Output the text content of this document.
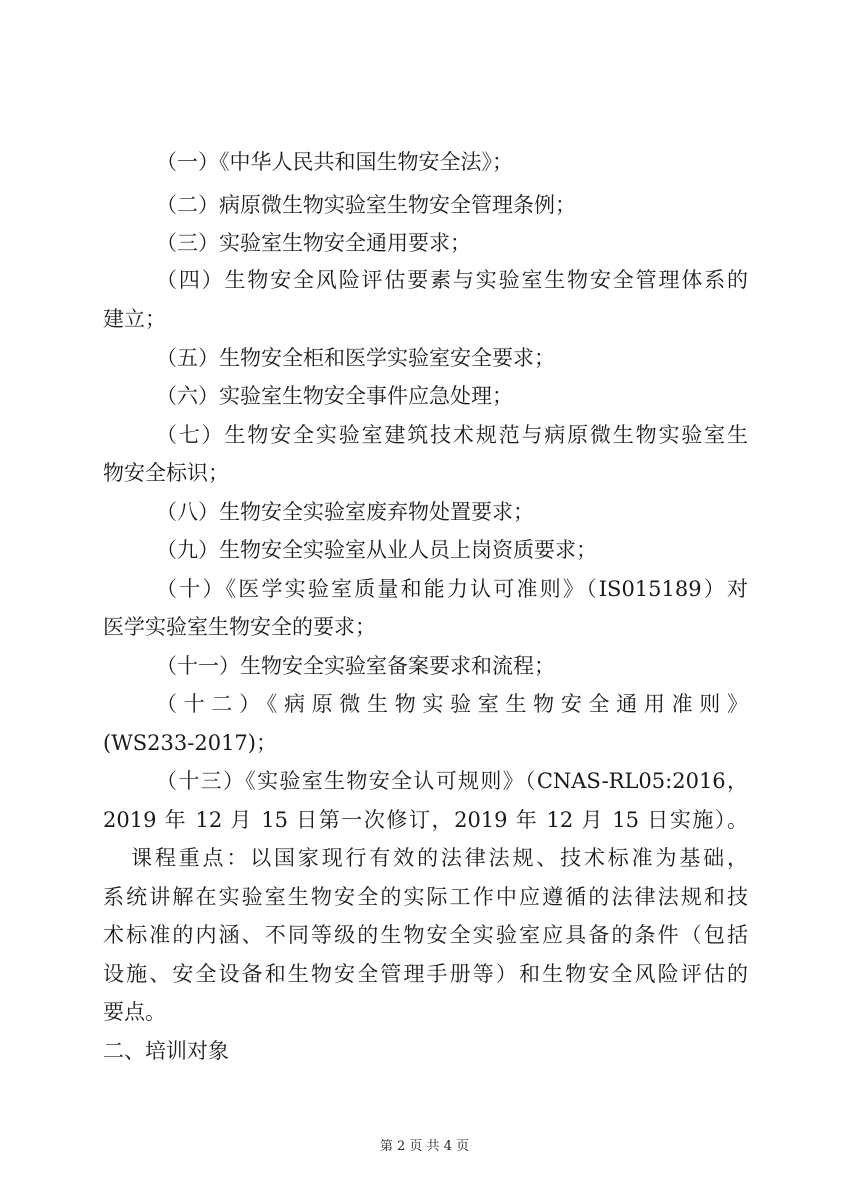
（一）《中华人民共和国生物安全法》；

（二）病原微生物实验室生物安全管理条例；

（三）实验室生物安全通用要求；

（四）生物安全风险评估要素与实验室生物安全管理体系的

建立；

（五）生物安全柜和医学实验室安全要求；

（六）实验室生物安全事件应急处理；

（七）生物安全实验室建筑技术规范与病原微生物实验室生

物安全标识；

（八）生物安全实验室废弃物处置要求；

（九）生物安全实验室从业人员上岗资质要求；

（十）《医学实验室质量和能力认可准则》（IS015189）对

医学实验室生物安全的要求；

（十一）生物安全实验室备案要求和流程；

（十二）《病原微生物实验室生物安全通用准则》

(WS233-2017)；

（十三）《实验室生物安全认可规则》（CNAS-RL05:2016，

2019 年 12 月 15 日第一次修订，2019 年 12 月 15 日实施）。

课程重点：以国家现行有效的法律法规、技术标准为基础，

系统讲解在实验室生物安全的实际工作中应遵循的法律法规和技

术标准的内涵、不同等级的生物安全实验室应具备的条件（包括

设施、安全设备和生物安全管理手册等）和生物安全风险评估的

要点。

二、培训对象

第 2 页 共 4 页
